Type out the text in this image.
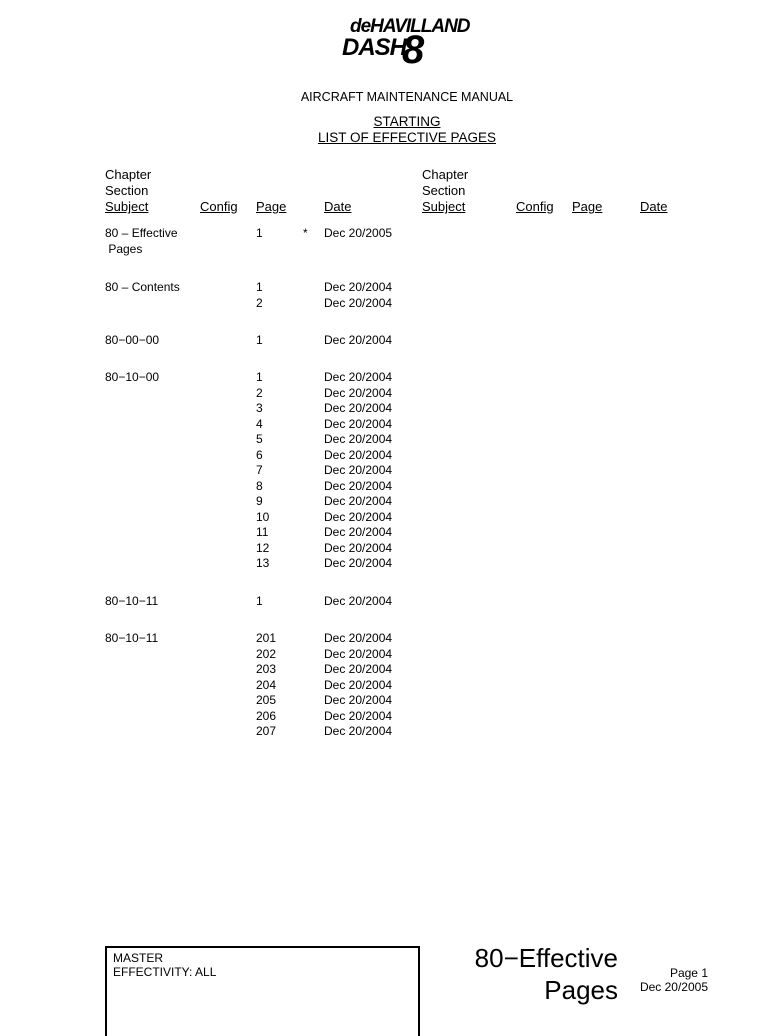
deHAVILLAND
DASH
8
AIRCRAFT MAINTENANCE MANUAL
STARTING
LIST OF EFFECTIVE PAGES
Chapter
Section
Subject	Config Page	Date
Chapter
Section
Subject	Config Page	Date
80 – Effective
Pages
1	Dec 20/2005
*
80 – Contents	1	Dec 20/2004
2	Dec 20/2004
80−00−00	1	Dec 20/2004
80−10−00	1	Dec 20/2004
2	Dec 20/2004
3	Dec 20/2004
4	Dec 20/2004
5	Dec 20/2004
6	Dec 20/2004
7	Dec 20/2004
8	Dec 20/2004
9	Dec 20/2004
10	Dec 20/2004
11	Dec 20/2004
12	Dec 20/2004
13	Dec 20/2004
80−10−11	1	Dec 20/2004
80−10−11	201	Dec 20/2004
202	Dec 20/2004
203	Dec 20/2004
204	Dec 20/2004
205	Dec 20/2004
206	Dec 20/2004
207	Dec 20/2004
MASTER
EFFECTIVITY: ALL	80−Effective
Pages
Page 1
Dec 20/2005
